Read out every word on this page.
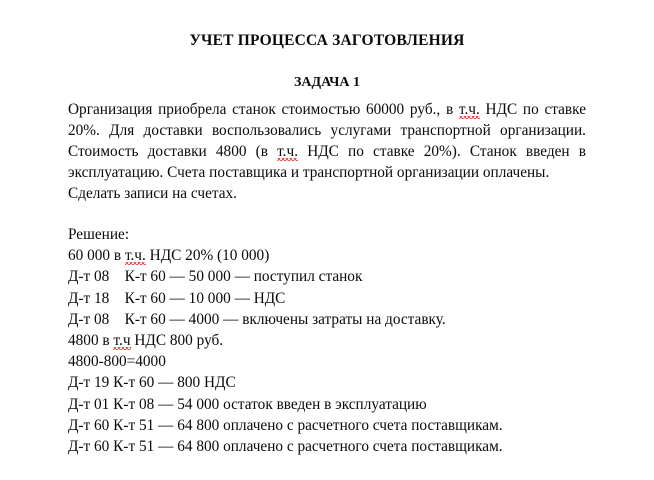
УЧЕТ ПРОЦЕССА ЗАГОТОВЛЕНИЯ
ЗАДАЧА 1

Организация приобрела станок стоимостью 60000 руб., в т.ч. НДС по ставке 20%. Для доставки воспользовались услугами транспортной организации. Стоимость доставки 4800 (в т.ч. НДС по ставке 20%). Станок введен в эксплуатацию. Счета поставщика и транспортной организации оплачены.
Сделать записи на счетах.

Решение:
60 000 в т.ч. НДС 20% (10 000)
Д-т 08    К-т 60 — 50 000 — поступил станок
Д-т 18    К-т 60 — 10 000 — НДС
Д-т 08    К-т 60 — 4000 — включены затраты на доставку.
4800 в т.ч НДС 800 руб.
4800-800=4000
Д-т 19 К-т 60 — 800 НДС
Д-т 01 К-т 08 — 54 000 остаток введен в эксплуатацию
Д-т 60 К-т 51 — 64 800 оплачено с расчетного счета поставщикам.
Д-т 60 К-т 51 — 64 800 оплачено с расчетного счета поставщикам.
